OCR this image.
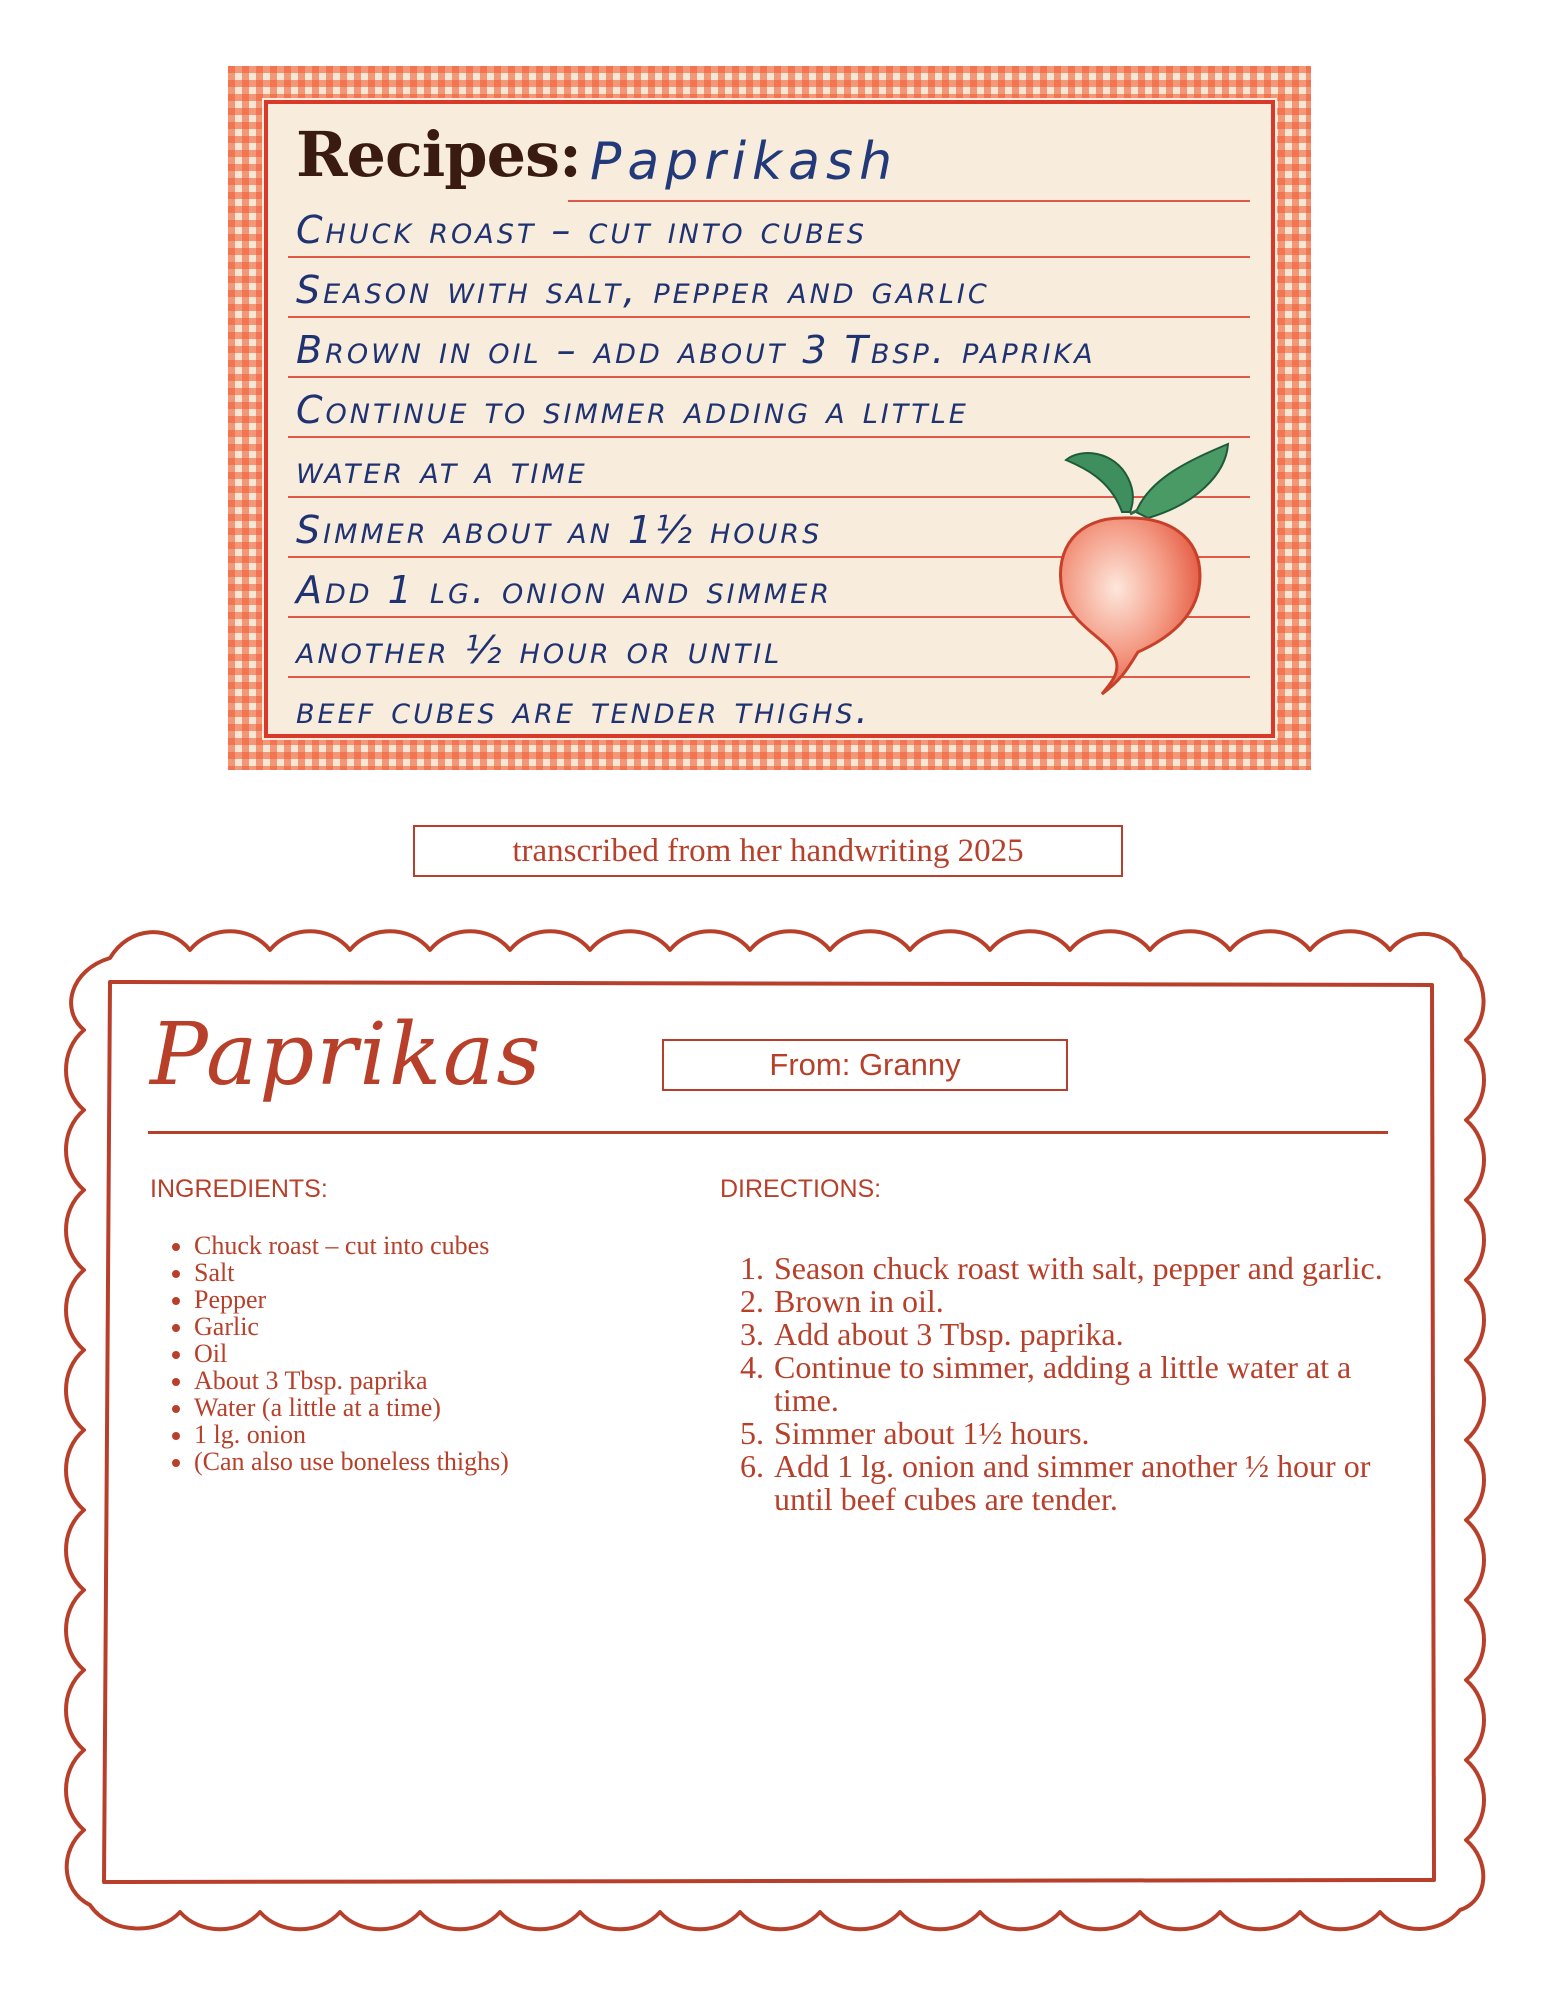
Recipes: Paprikash
Chuck roast – cut into cubes
Season with salt, pepper and garlic
Brown in oil – add about 3 Tbsp. paprika
Continue to simmer adding a little
water at a time
Simmer about an 1½ hours
Add 1 lg. onion and simmer
another ½ hour or until
beef cubes are tender thighs.
transcribed from her handwriting 2025
Paprikas	From: Granny
INGREDIENTS:	DIRECTIONS:
• Chuck roast – cut into cubes
• Salt
• Pepper
• Garlic
• Oil
• About 3 Tbsp. paprika
• Water (a little at a time)
• 1 lg. onion
• (Can also use boneless thighs)
1. Season chuck roast with salt, pepper and garlic.
2. Brown in oil.
3. Add about 3 Tbsp. paprika.
4. Continue to simmer, adding a little water at a time.
5. Simmer about 1½ hours.
6. Add 1 lg. onion and simmer another ½ hour or until beef cubes are tender.
